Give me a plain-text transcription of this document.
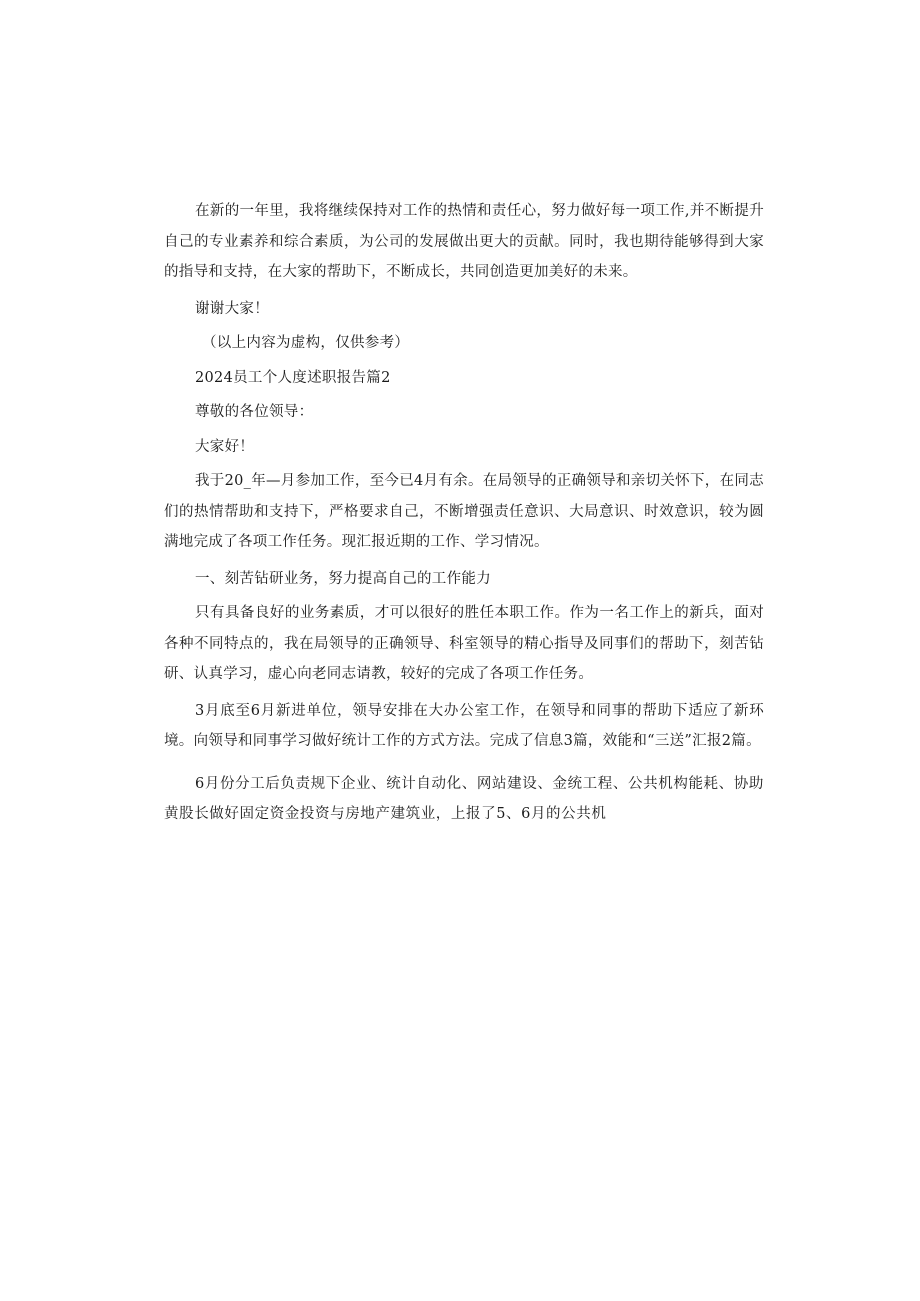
在新的一年里，我将继续保持对工作的热情和责任心，努力做好每一项工作,并不断提升自己的专业素养和综合素质，为公司的发展做出更大的贡献。同时，我也期待能够得到大家的指导和支持，在大家的帮助下，不断成长，共同创造更加美好的未来。

谢谢大家！

（以上内容为虚构，仅供参考）

2024员工个人度述职报告篇2

尊敬的各位领导：

大家好！

我于20_年—月参加工作，至今已4月有余。在局领导的正确领导和亲切关怀下，在同志们的热情帮助和支持下，严格要求自己，不断增强责任意识、大局意识、时效意识，较为圆满地完成了各项工作任务。现汇报近期的工作、学习情况。

一、刻苦钻研业务，努力提高自己的工作能力

只有具备良好的业务素质，才可以很好的胜任本职工作。作为一名工作上的新兵，面对各种不同特点的，我在局领导的正确领导、科室领导的精心指导及同事们的帮助下，刻苦钻研、认真学习，虚心向老同志请教，较好的完成了各项工作任务。

3月底至6月新进单位，领导安排在大办公室工作，在领导和同事的帮助下适应了新环境。向领导和同事学习做好统计工作的方式方法。完成了信息3篇，效能和“三送”汇报2篇。

6月份分工后负责规下企业、统计自动化、网站建设、金统工程、公共机构能耗、协助黄股长做好固定资金投资与房地产建筑业，上报了5、6月的公共机
